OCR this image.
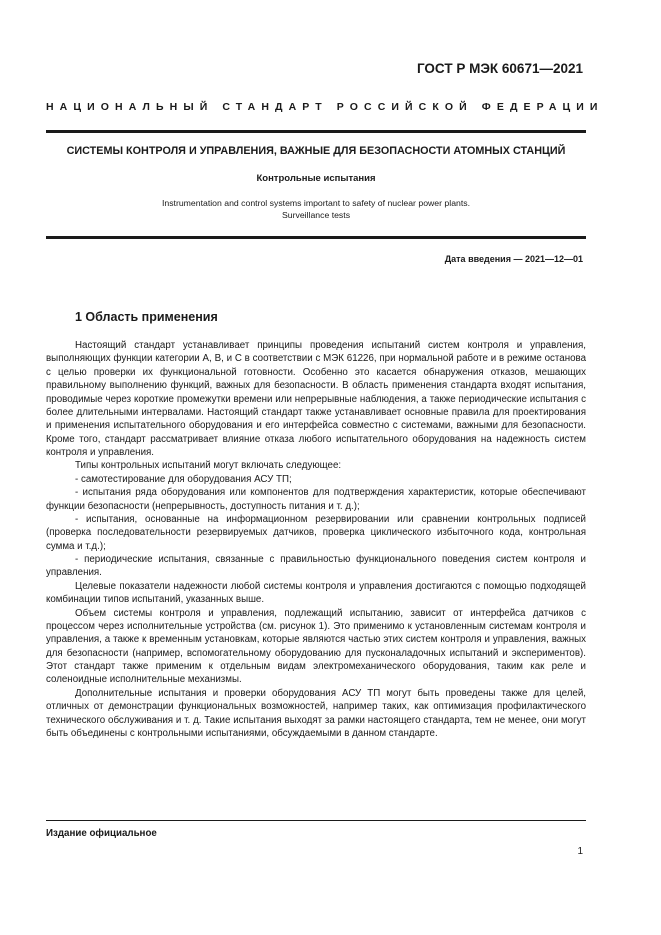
ГОСТ Р МЭК 60671—2021
НАЦИОНАЛЬНЫЙ СТАНДАРТ РОССИЙСКОЙ ФЕДЕРАЦИИ
СИСТЕМЫ КОНТРОЛЯ И УПРАВЛЕНИЯ, ВАЖНЫЕ ДЛЯ БЕЗОПАСНОСТИ АТОМНЫХ СТАНЦИЙ
Контрольные испытания
Instrumentation and control systems important to safety of nuclear power plants.
Surveillance tests
Дата введения — 2021—12—01
1 Область применения

Настоящий стандарт устанавливает принципы проведения испытаний систем контроля и управления, выполняющих функции категории А, В, и С в соответствии с МЭК 61226, при нормальной работе и в режиме останова с целью проверки их функциональной готовности. Особенно это касается обнаружения отказов, мешающих правильному выполнению функций, важных для безопасности. В область применения стандарта входят испытания, проводимые через короткие промежутки времени или непрерывные наблюдения, а также периодические испытания с более длительными интервалами. Настоящий стандарт также устанавливает основные правила для проектирования и применения испытательного оборудования и его интерфейса совместно с системами, важными для безопасности. Кроме того, стандарт рассматривает влияние отказа любого испытательного оборудования на надежность систем контроля и управления.

Типы контрольных испытаний могут включать следующее:

- самотестирование для оборудования АСУ ТП;

- испытания ряда оборудования или компонентов для подтверждения характеристик, которые обеспечивают функции безопасности (непрерывность, доступность питания и т. д.);

- испытания, основанные на информационном резервировании или сравнении контрольных подписей (проверка последовательности резервируемых датчиков, проверка циклического избыточного кода, контрольная сумма и т.д.);

- периодические испытания, связанные с правильностью функционального поведения систем контроля и управления.

Целевые показатели надежности любой системы контроля и управления достигаются с помощью подходящей комбинации типов испытаний, указанных выше.

Объем системы контроля и управления, подлежащий испытанию, зависит от интерфейса датчиков с процессом через исполнительные устройства (см. рисунок 1). Это применимо к установленным системам контроля и управления, а также к временным установкам, которые являются частью этих систем контроля и управления, важных для безопасности (например, вспомогательному оборудованию для пусконаладочных испытаний и экспериментов). Этот стандарт также применим к отдельным видам электромеханического оборудования, таким как реле и соленоидные исполнительные механизмы.

Дополнительные испытания и проверки оборудования АСУ ТП могут быть проведены также для целей, отличных от демонстрации функциональных возможностей, например таких, как оптимизация профилактического технического обслуживания и т. д. Такие испытания выходят за рамки настоящего стандарта, тем не менее, они могут быть объединены с контрольными испытаниями, обсуждаемыми в данном стандарте.

Издание официальное
1
